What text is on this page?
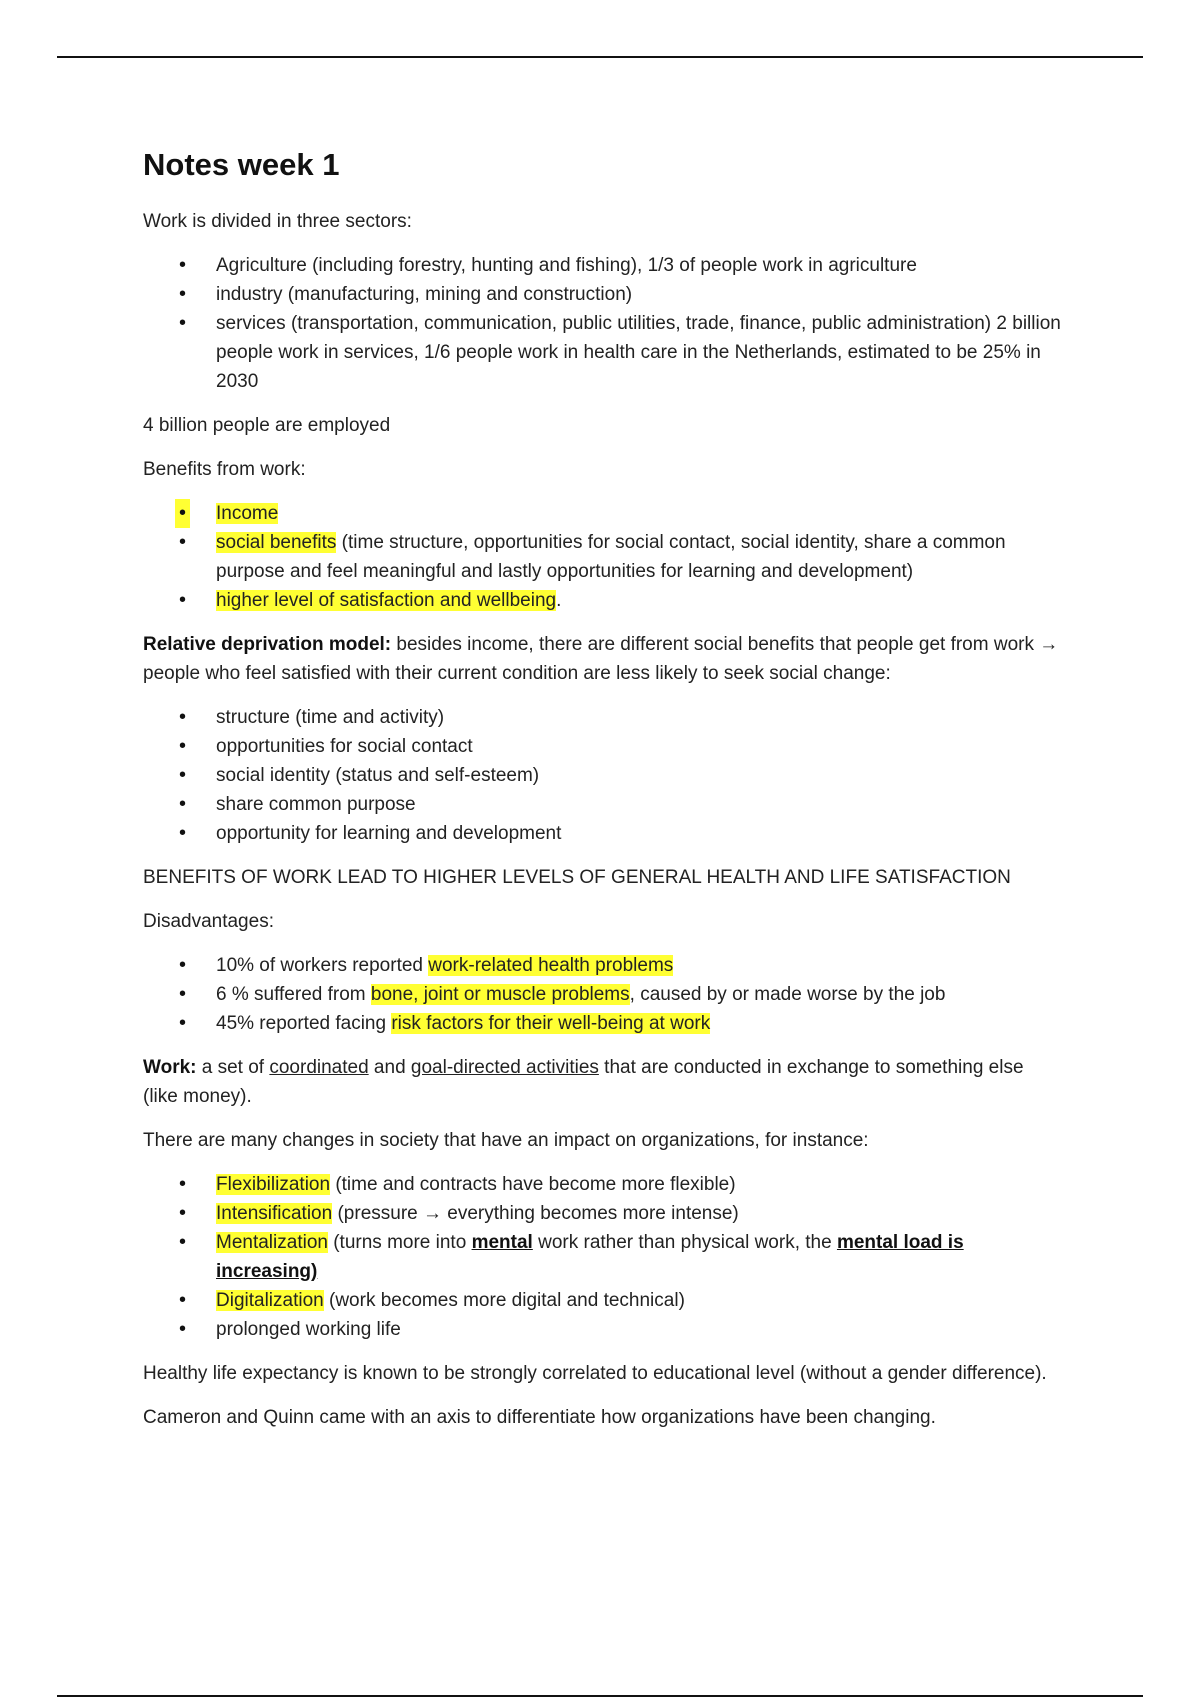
Notes week 1

Work is divided in three sectors:

• Agriculture (including forestry, hunting and fishing), 1/3 of people work in agriculture
• industry (manufacturing, mining and construction)
• services (transportation, communication, public utilities, trade, finance, public administration) 2 billion people work in services, 1/6 people work in health care in the Netherlands, estimated to be 25% in 2030

4 billion people are employed

Benefits from work:

• Income
• social benefits (time structure, opportunities for social contact, social identity, share a common purpose and feel meaningful and lastly opportunities for learning and development)
• higher level of satisfaction and wellbeing.

Relative deprivation model: besides income, there are different social benefits that people get from work → people who feel satisfied with their current condition are less likely to seek social change:

• structure (time and activity)
• opportunities for social contact
• social identity (status and self-esteem)
• share common purpose
• opportunity for learning and development

BENEFITS OF WORK LEAD TO HIGHER LEVELS OF GENERAL HEALTH AND LIFE SATISFACTION

Disadvantages:

• 10% of workers reported work-related health problems
• 6 % suffered from bone, joint or muscle problems, caused by or made worse by the job
• 45% reported facing risk factors for their well-being at work

Work: a set of coordinated and goal-directed activities that are conducted in exchange to something else (like money).

There are many changes in society that have an impact on organizations, for instance:

• Flexibilization (time and contracts have become more flexible)
• Intensification (pressure → everything becomes more intense)
• Mentalization (turns more into mental work rather than physical work, the mental load is increasing)
• Digitalization (work becomes more digital and technical)
• prolonged working life

Healthy life expectancy is known to be strongly correlated to educational level (without a gender difference).

Cameron and Quinn came with an axis to differentiate how organizations have been changing.
